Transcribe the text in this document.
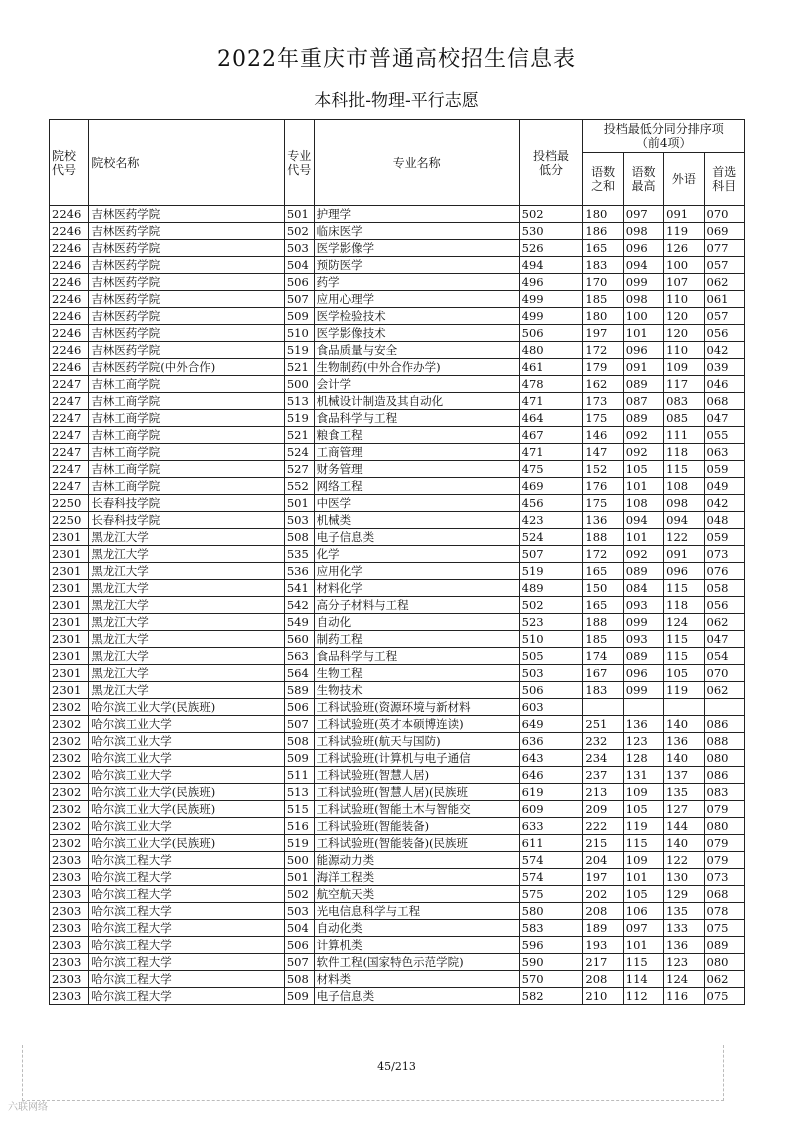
2022年重庆市普通高校招生信息表
本科批-物理-平行志愿
院校代号	院校名称	专业代号	专业名称	投档最低分	投档最低分同分排序项（前4项）			
					语数之和	语数最高	外语	首选科目
2246	吉林医药学院	501	护理学	502	180	097	091	070
2246	吉林医药学院	502	临床医学	530	186	098	119	069
2246	吉林医药学院	503	医学影像学	526	165	096	126	077
2246	吉林医药学院	504	预防医学	494	183	094	100	057
2246	吉林医药学院	506	药学	496	170	099	107	062
2246	吉林医药学院	507	应用心理学	499	185	098	110	061
2246	吉林医药学院	509	医学检验技术	499	180	100	120	057
2246	吉林医药学院	510	医学影像技术	506	197	101	120	056
2246	吉林医药学院	519	食品质量与安全	480	172	096	110	042
2246	吉林医药学院(中外合作)	521	生物制药(中外合作办学)	461	179	091	109	039
2247	吉林工商学院	500	会计学	478	162	089	117	046
2247	吉林工商学院	513	机械设计制造及其自动化	471	173	087	083	068
2247	吉林工商学院	519	食品科学与工程	464	175	089	085	047
2247	吉林工商学院	521	粮食工程	467	146	092	111	055
2247	吉林工商学院	524	工商管理	471	147	092	118	063
2247	吉林工商学院	527	财务管理	475	152	105	115	059
2247	吉林工商学院	552	网络工程	469	176	101	108	049
2250	长春科技学院	501	中医学	456	175	108	098	042
2250	长春科技学院	503	机械类	423	136	094	094	048
2301	黑龙江大学	508	电子信息类	524	188	101	122	059
2301	黑龙江大学	535	化学	507	172	092	091	073
2301	黑龙江大学	536	应用化学	519	165	089	096	076
2301	黑龙江大学	541	材料化学	489	150	084	115	058
2301	黑龙江大学	542	高分子材料与工程	502	165	093	118	056
2301	黑龙江大学	549	自动化	523	188	099	124	062
2301	黑龙江大学	560	制药工程	510	185	093	115	047
2301	黑龙江大学	563	食品科学与工程	505	174	089	115	054
2301	黑龙江大学	564	生物工程	503	167	096	105	070
2301	黑龙江大学	589	生物技术	506	183	099	119	062
2302	哈尔滨工业大学(民族班)	506	工科试验班(资源环境与新材料	603				
2302	哈尔滨工业大学	507	工科试验班(英才本硕博连读)	649	251	136	140	086
2302	哈尔滨工业大学	508	工科试验班(航天与国防)	636	232	123	136	088
2302	哈尔滨工业大学	509	工科试验班(计算机与电子通信	643	234	128	140	080
2302	哈尔滨工业大学	511	工科试验班(智慧人居)	646	237	131	137	086
2302	哈尔滨工业大学(民族班)	513	工科试验班(智慧人居)(民族班	619	213	109	135	083
2302	哈尔滨工业大学(民族班)	515	工科试验班(智能土木与智能交	609	209	105	127	079
2302	哈尔滨工业大学	516	工科试验班(智能装备)	633	222	119	144	080
2302	哈尔滨工业大学(民族班)	519	工科试验班(智能装备)(民族班	611	215	115	140	079
2303	哈尔滨工程大学	500	能源动力类	574	204	109	122	079
2303	哈尔滨工程大学	501	海洋工程类	574	197	101	130	073
2303	哈尔滨工程大学	502	航空航天类	575	202	105	129	068
2303	哈尔滨工程大学	503	光电信息科学与工程	580	208	106	135	078
2303	哈尔滨工程大学	504	自动化类	583	189	097	133	075
2303	哈尔滨工程大学	506	计算机类	596	193	101	136	089
2303	哈尔滨工程大学	507	软件工程(国家特色示范学院)	590	217	115	123	080
2303	哈尔滨工程大学	508	材料类	570	208	114	124	062
2303	哈尔滨工程大学	509	电子信息类	582	210	112	116	075
45/213
六联网络
